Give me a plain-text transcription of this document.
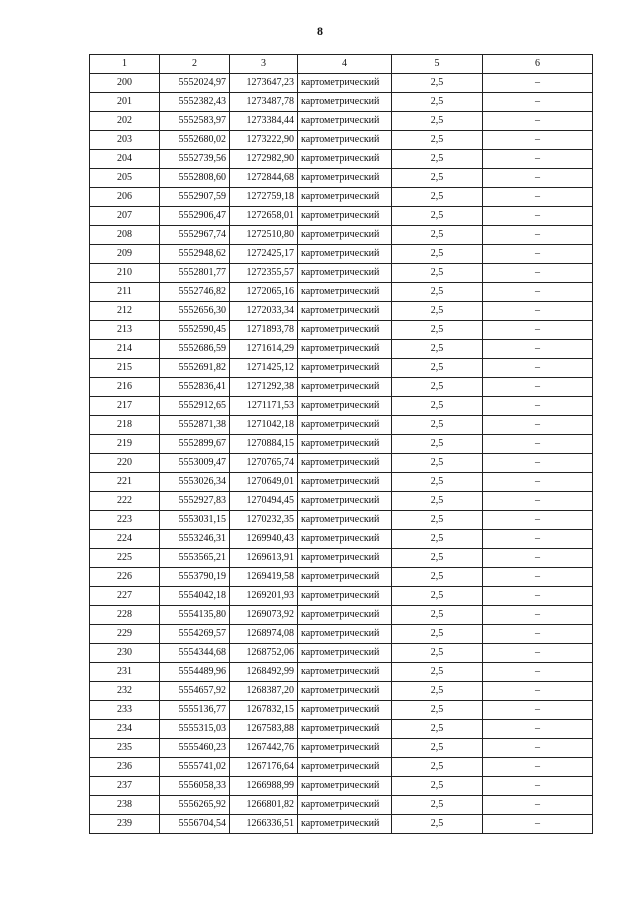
8
1	2	3	4	5	6
200	5552024,97	1273647,23	картометрический	2,5	–
201	5552382,43	1273487,78	картометрический	2,5	–
202	5552583,97	1273384,44	картометрический	2,5	–
203	5552680,02	1273222,90	картометрический	2,5	–
204	5552739,56	1272982,90	картометрический	2,5	–
205	5552808,60	1272844,68	картометрический	2,5	–
206	5552907,59	1272759,18	картометрический	2,5	–
207	5552906,47	1272658,01	картометрический	2,5	–
208	5552967,74	1272510,80	картометрический	2,5	–
209	5552948,62	1272425,17	картометрический	2,5	–
210	5552801,77	1272355,57	картометрический	2,5	–
211	5552746,82	1272065,16	картометрический	2,5	–
212	5552656,30	1272033,34	картометрический	2,5	–
213	5552590,45	1271893,78	картометрический	2,5	–
214	5552686,59	1271614,29	картометрический	2,5	–
215	5552691,82	1271425,12	картометрический	2,5	–
216	5552836,41	1271292,38	картометрический	2,5	–
217	5552912,65	1271171,53	картометрический	2,5	–
218	5552871,38	1271042,18	картометрический	2,5	–
219	5552899,67	1270884,15	картометрический	2,5	–
220	5553009,47	1270765,74	картометрический	2,5	–
221	5553026,34	1270649,01	картометрический	2,5	–
222	5552927,83	1270494,45	картометрический	2,5	–
223	5553031,15	1270232,35	картометрический	2,5	–
224	5553246,31	1269940,43	картометрический	2,5	–
225	5553565,21	1269613,91	картометрический	2,5	–
226	5553790,19	1269419,58	картометрический	2,5	–
227	5554042,18	1269201,93	картометрический	2,5	–
228	5554135,80	1269073,92	картометрический	2,5	–
229	5554269,57	1268974,08	картометрический	2,5	–
230	5554344,68	1268752,06	картометрический	2,5	–
231	5554489,96	1268492,99	картометрический	2,5	–
232	5554657,92	1268387,20	картометрический	2,5	–
233	5555136,77	1267832,15	картометрический	2,5	–
234	5555315,03	1267583,88	картометрический	2,5	–
235	5555460,23	1267442,76	картометрический	2,5	–
236	5555741,02	1267176,64	картометрический	2,5	–
237	5556058,33	1266988,99	картометрический	2,5	–
238	5556265,92	1266801,82	картометрический	2,5	–
239	5556704,54	1266336,51	картометрический	2,5	–
